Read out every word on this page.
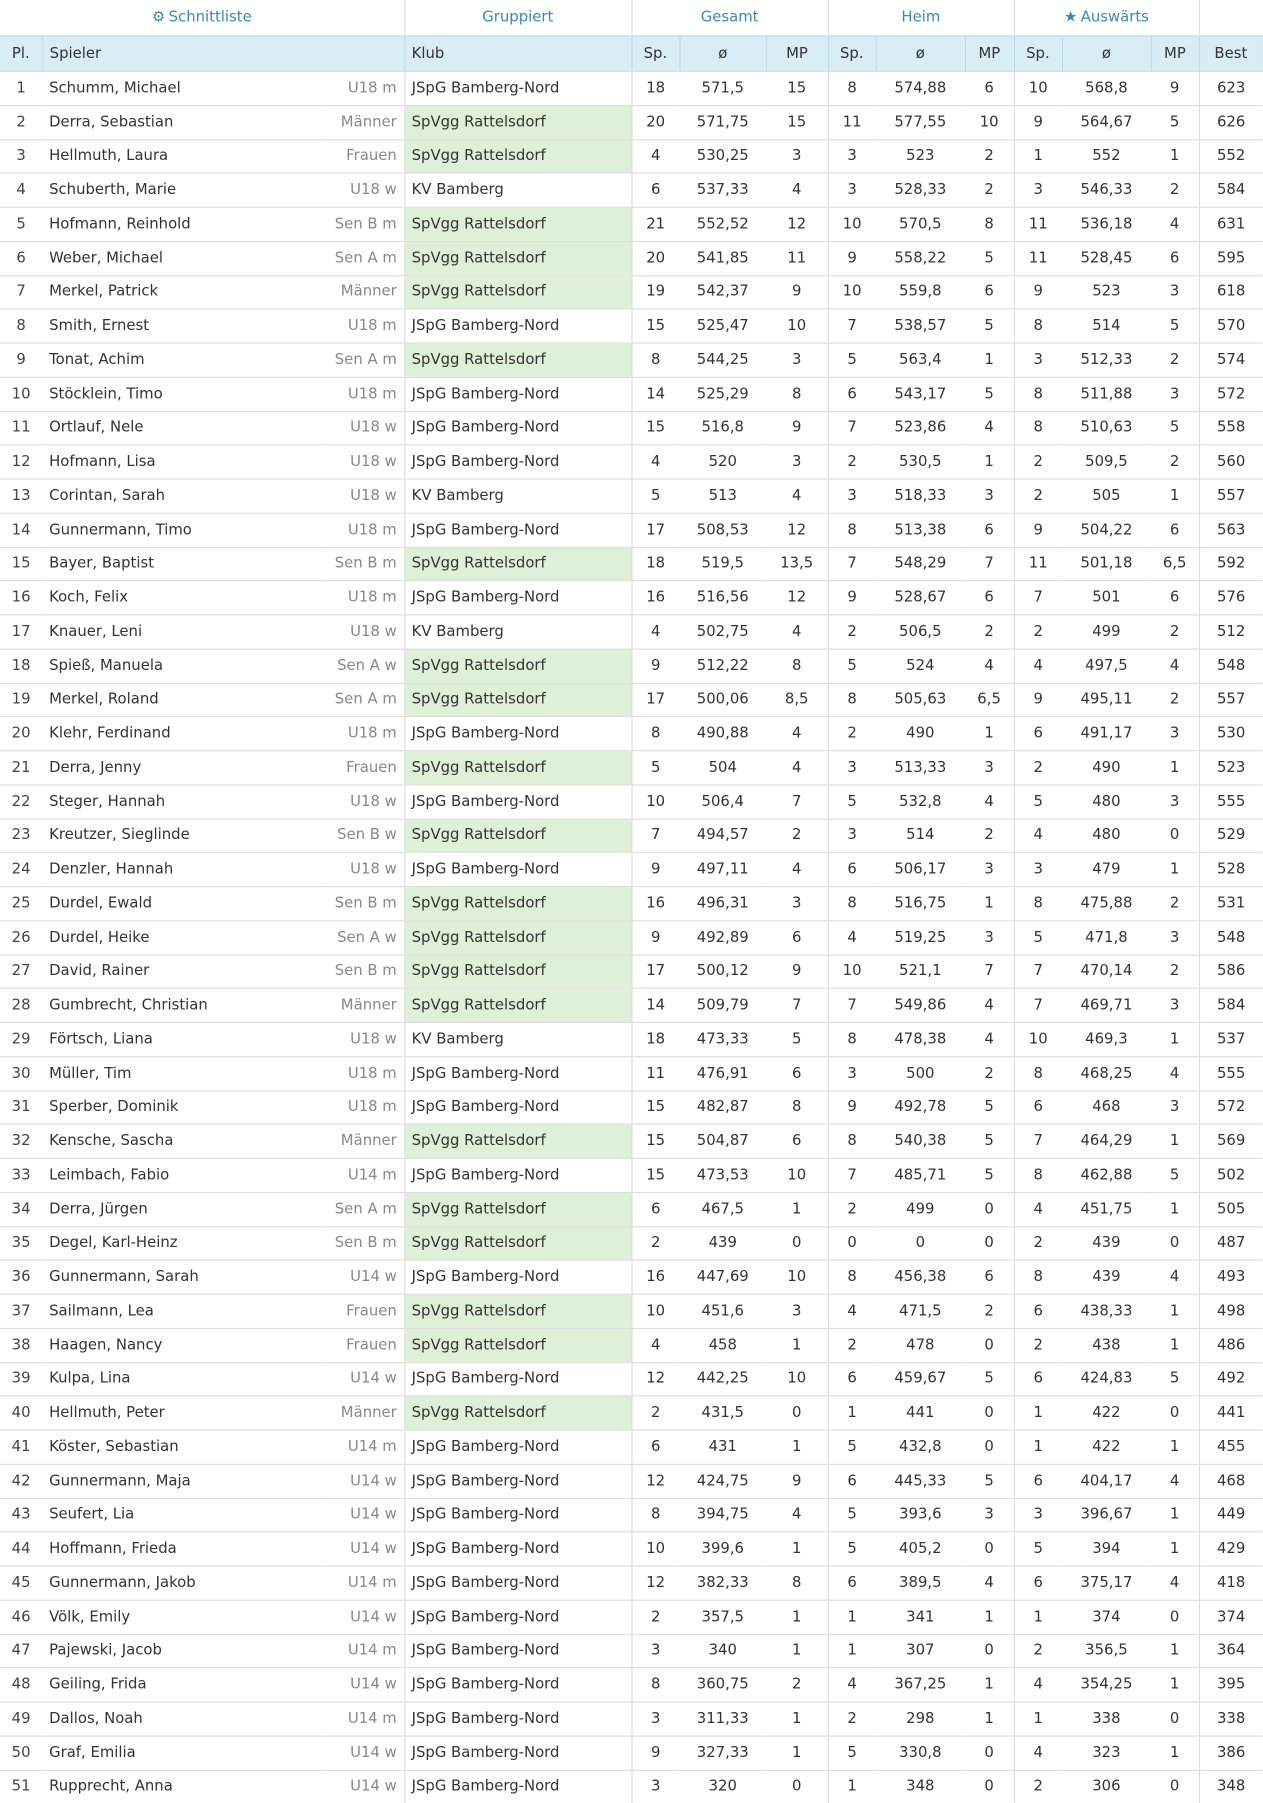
⚙ Schnittliste			Gruppiert	Gesamt			Heim			★ Auswärts			
Pl.	Spieler		Klub	Sp.	ø	MP	Sp.	ø	MP	Sp.	ø	MP	Best
1	Schumm, Michael	U18 m	JSpG Bamberg-Nord	18	571,5	15	8	574,88	6	10	568,8	9	623
2	Derra, Sebastian	Männer	SpVgg Rattelsdorf	20	571,75	15	11	577,55	10	9	564,67	5	626
3	Hellmuth, Laura	Frauen	SpVgg Rattelsdorf	4	530,25	3	3	523	2	1	552	1	552
4	Schuberth, Marie	U18 w	KV Bamberg	6	537,33	4	3	528,33	2	3	546,33	2	584
5	Hofmann, Reinhold	Sen B m	SpVgg Rattelsdorf	21	552,52	12	10	570,5	8	11	536,18	4	631
6	Weber, Michael	Sen A m	SpVgg Rattelsdorf	20	541,85	11	9	558,22	5	11	528,45	6	595
7	Merkel, Patrick	Männer	SpVgg Rattelsdorf	19	542,37	9	10	559,8	6	9	523	3	618
8	Smith, Ernest	U18 m	JSpG Bamberg-Nord	15	525,47	10	7	538,57	5	8	514	5	570
9	Tonat, Achim	Sen A m	SpVgg Rattelsdorf	8	544,25	3	5	563,4	1	3	512,33	2	574
10	Stöcklein, Timo	U18 m	JSpG Bamberg-Nord	14	525,29	8	6	543,17	5	8	511,88	3	572
11	Ortlauf, Nele	U18 w	JSpG Bamberg-Nord	15	516,8	9	7	523,86	4	8	510,63	5	558
12	Hofmann, Lisa	U18 w	JSpG Bamberg-Nord	4	520	3	2	530,5	1	2	509,5	2	560
13	Corintan, Sarah	U18 w	KV Bamberg	5	513	4	3	518,33	3	2	505	1	557
14	Gunnermann, Timo	U18 m	JSpG Bamberg-Nord	17	508,53	12	8	513,38	6	9	504,22	6	563
15	Bayer, Baptist	Sen B m	SpVgg Rattelsdorf	18	519,5	13,5	7	548,29	7	11	501,18	6,5	592
16	Koch, Felix	U18 m	JSpG Bamberg-Nord	16	516,56	12	9	528,67	6	7	501	6	576
17	Knauer, Leni	U18 w	KV Bamberg	4	502,75	4	2	506,5	2	2	499	2	512
18	Spieß, Manuela	Sen A w	SpVgg Rattelsdorf	9	512,22	8	5	524	4	4	497,5	4	548
19	Merkel, Roland	Sen A m	SpVgg Rattelsdorf	17	500,06	8,5	8	505,63	6,5	9	495,11	2	557
20	Klehr, Ferdinand	U18 m	JSpG Bamberg-Nord	8	490,88	4	2	490	1	6	491,17	3	530
21	Derra, Jenny	Frauen	SpVgg Rattelsdorf	5	504	4	3	513,33	3	2	490	1	523
22	Steger, Hannah	U18 w	JSpG Bamberg-Nord	10	506,4	7	5	532,8	4	5	480	3	555
23	Kreutzer, Sieglinde	Sen B w	SpVgg Rattelsdorf	7	494,57	2	3	514	2	4	480	0	529
24	Denzler, Hannah	U18 w	JSpG Bamberg-Nord	9	497,11	4	6	506,17	3	3	479	1	528
25	Durdel, Ewald	Sen B m	SpVgg Rattelsdorf	16	496,31	3	8	516,75	1	8	475,88	2	531
26	Durdel, Heike	Sen A w	SpVgg Rattelsdorf	9	492,89	6	4	519,25	3	5	471,8	3	548
27	David, Rainer	Sen B m	SpVgg Rattelsdorf	17	500,12	9	10	521,1	7	7	470,14	2	586
28	Gumbrecht, Christian	Männer	SpVgg Rattelsdorf	14	509,79	7	7	549,86	4	7	469,71	3	584
29	Förtsch, Liana	U18 w	KV Bamberg	18	473,33	5	8	478,38	4	10	469,3	1	537
30	Müller, Tim	U18 m	JSpG Bamberg-Nord	11	476,91	6	3	500	2	8	468,25	4	555
31	Sperber, Dominik	U18 m	JSpG Bamberg-Nord	15	482,87	8	9	492,78	5	6	468	3	572
32	Kensche, Sascha	Männer	SpVgg Rattelsdorf	15	504,87	6	8	540,38	5	7	464,29	1	569
33	Leimbach, Fabio	U14 m	JSpG Bamberg-Nord	15	473,53	10	7	485,71	5	8	462,88	5	502
34	Derra, Jürgen	Sen A m	SpVgg Rattelsdorf	6	467,5	1	2	499	0	4	451,75	1	505
35	Degel, Karl-Heinz	Sen B m	SpVgg Rattelsdorf	2	439	0	0	0	0	2	439	0	487
36	Gunnermann, Sarah	U14 w	JSpG Bamberg-Nord	16	447,69	10	8	456,38	6	8	439	4	493
37	Sailmann, Lea	Frauen	SpVgg Rattelsdorf	10	451,6	3	4	471,5	2	6	438,33	1	498
38	Haagen, Nancy	Frauen	SpVgg Rattelsdorf	4	458	1	2	478	0	2	438	1	486
39	Kulpa, Lina	U14 w	JSpG Bamberg-Nord	12	442,25	10	6	459,67	5	6	424,83	5	492
40	Hellmuth, Peter	Männer	SpVgg Rattelsdorf	2	431,5	0	1	441	0	1	422	0	441
41	Köster, Sebastian	U14 m	JSpG Bamberg-Nord	6	431	1	5	432,8	0	1	422	1	455
42	Gunnermann, Maja	U14 w	JSpG Bamberg-Nord	12	424,75	9	6	445,33	5	6	404,17	4	468
43	Seufert, Lia	U14 w	JSpG Bamberg-Nord	8	394,75	4	5	393,6	3	3	396,67	1	449
44	Hoffmann, Frieda	U14 w	JSpG Bamberg-Nord	10	399,6	1	5	405,2	0	5	394	1	429
45	Gunnermann, Jakob	U14 m	JSpG Bamberg-Nord	12	382,33	8	6	389,5	4	6	375,17	4	418
46	Völk, Emily	U14 w	JSpG Bamberg-Nord	2	357,5	1	1	341	1	1	374	0	374
47	Pajewski, Jacob	U14 m	JSpG Bamberg-Nord	3	340	1	1	307	0	2	356,5	1	364
48	Geiling, Frida	U14 w	JSpG Bamberg-Nord	8	360,75	2	4	367,25	1	4	354,25	1	395
49	Dallos, Noah	U14 m	JSpG Bamberg-Nord	3	311,33	1	2	298	1	1	338	0	338
50	Graf, Emilia	U14 w	JSpG Bamberg-Nord	9	327,33	1	5	330,8	0	4	323	1	386
51	Rupprecht, Anna	U14 w	JSpG Bamberg-Nord	3	320	0	1	348	0	2	306	0	348
